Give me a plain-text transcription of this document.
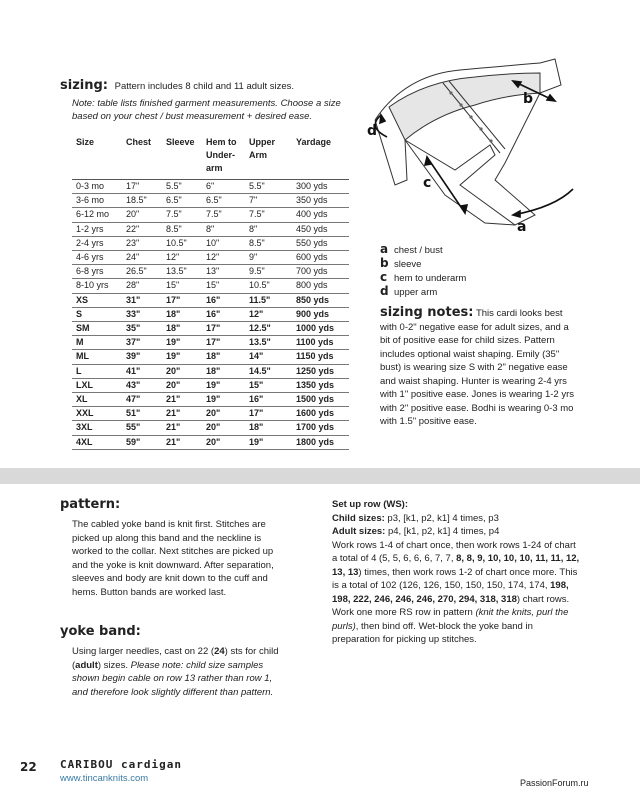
sizing: Pattern includes 8 child and 11 adult sizes.
Note: table lists finished garment measurements. Choose a size based on your chest / bust measurement + desired ease.
Size	Chest	Sleeve	Hem to Under-arm	Upper Arm	Yardage
0-3 mo	17"	5.5"	6"	5.5"	300 yds
3-6 mo	18.5"	6.5"	6.5"	7"	350 yds
6-12 mo	20"	7.5"	7.5"	7.5"	400 yds
1-2 yrs	22"	8.5"	8"	8"	450 yds
2-4 yrs	23"	10.5"	10"	8.5"	550 yds
4-6 yrs	24"	12"	12"	9"	600 yds
6-8 yrs	26.5"	13.5"	13"	9.5"	700 yds
8-10 yrs	28"	15"	15"	10.5"	800 yds
XS	31"	17"	16"	11.5"	850 yds
S	33"	18"	16"	12"	900 yds
SM	35"	18"	17"	12.5"	1000 yds
M	37"	19"	17"	13.5"	1100 yds
ML	39"	19"	18"	14"	1150 yds
L	41"	20"	18"	14.5"	1250 yds
LXL	43"	20"	19"	15"	1350 yds
XL	47"	21"	19"	16"	1500 yds
XXL	51"	21"	20"	17"	1600 yds
3XL	55"	21"	20"	18"	1700 yds
4XL	59"	21"	20"	19"	1800 yds
b
c
a
d
a chest / bust
b sleeve
c hem to underarm
d upper arm
sizing notes: This cardi looks best with 0-2" negative ease for adult sizes, and a bit of positive ease for child sizes. Pattern includes optional waist shaping. Emily (35" bust) is wearing size S with 2" negative ease and waist shaping. Hunter is wearing 2-4 yrs with 1" positive ease. Jones is wearing 1-2 yrs with 2" positive ease. Bodhi is wearing 0-3 mo with 1.5" positive ease.
pattern:
The cabled yoke band is knit first. Stitches are picked up along this band and the neckline is worked to the collar. Next stitches are picked up and the yoke is knit downward. After separation, sleeves and body are knit down to the cuff and hems. Button bands are worked last.
yoke band:
Using larger needles, cast on 22 (24) sts for child (adult) sizes. Please note: child size samples shown begin cable on row 13 rather than row 1, and therefore look slightly different than pattern.
Set up row (WS):
Child sizes: p3, [k1, p2, k1] 4 times, p3
Adult sizes: p4, [k1, p2, k1] 4 times, p4
Work rows 1-4 of chart once, then work rows 1-24 of chart a total of 4 (5, 5, 6, 6, 6, 7, 7, 8, 8, 9, 10, 10, 10, 11, 11, 12, 13, 13) times, then work rows 1-2 of chart once more. This is a total of 102 (126, 126, 150, 150, 150, 174, 174, 198, 198, 222, 246, 246, 246, 270, 294, 318, 318) chart rows. Work one more RS row in pattern (knit the knits, purl the purls), then bind off. Wet-block the yoke band in preparation for picking up stitches.
22 CARIBOU cardigan
www.tincanknits.com	PassionForum.ru
